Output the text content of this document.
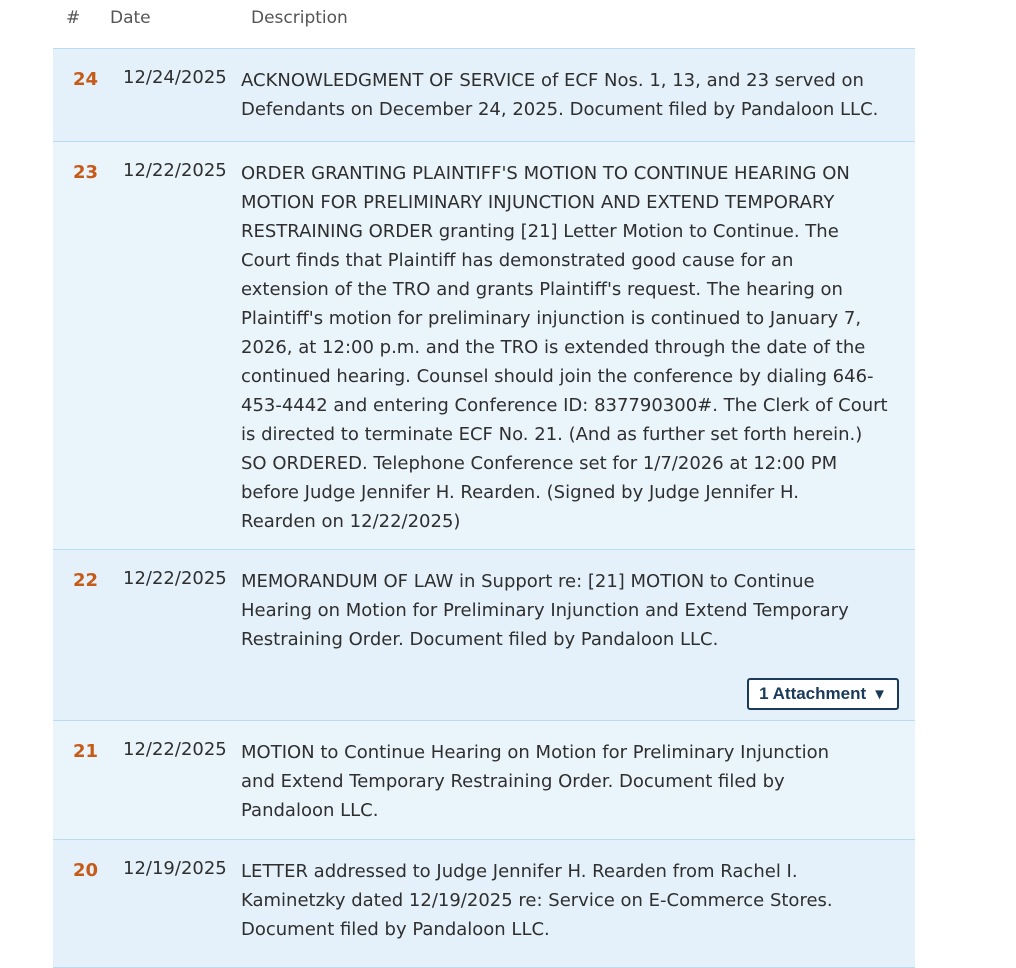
# Date	Description
24 12/24/2025 ACKNOWLEDGMENT OF SERVICE of ECF Nos. 1, 13, and 23 served on
Defendants on December 24, 2025. Document filed by Pandaloon LLC.
23 12/22/2025 ORDER GRANTING PLAINTIFF'S MOTION TO CONTINUE HEARING ON
MOTION FOR PRELIMINARY INJUNCTION AND EXTEND TEMPORARY
RESTRAINING ORDER granting [21] Letter Motion to Continue. The
Court finds that Plaintiff has demonstrated good cause for an
extension of the TRO and grants Plaintiff's request. The hearing on
Plaintiff's motion for preliminary injunction is continued to January 7,
2026, at 12:00 p.m. and the TRO is extended through the date of the
continued hearing. Counsel should join the conference by dialing 646-
453-4442 and entering Conference ID: 837790300#. The Clerk of Court
is directed to terminate ECF No. 21. (And as further set forth herein.)
SO ORDERED. Telephone Conference set for 1/7/2026 at 12:00 PM
before Judge Jennifer H. Rearden. (Signed by Judge Jennifer H.
Rearden on 12/22/2025)
22 12/22/2025 MEMORANDUM OF LAW in Support re: [21] MOTION to Continue
Hearing on Motion for Preliminary Injunction and Extend Temporary
Restraining Order. Document filed by Pandaloon LLC.
1 Attachment ▼
21 12/22/2025 MOTION to Continue Hearing on Motion for Preliminary Injunction
and Extend Temporary Restraining Order. Document filed by
Pandaloon LLC.
20 12/19/2025 LETTER addressed to Judge Jennifer H. Rearden from Rachel I.
Kaminetzky dated 12/19/2025 re: Service on E-Commerce Stores.
Document filed by Pandaloon LLC.
